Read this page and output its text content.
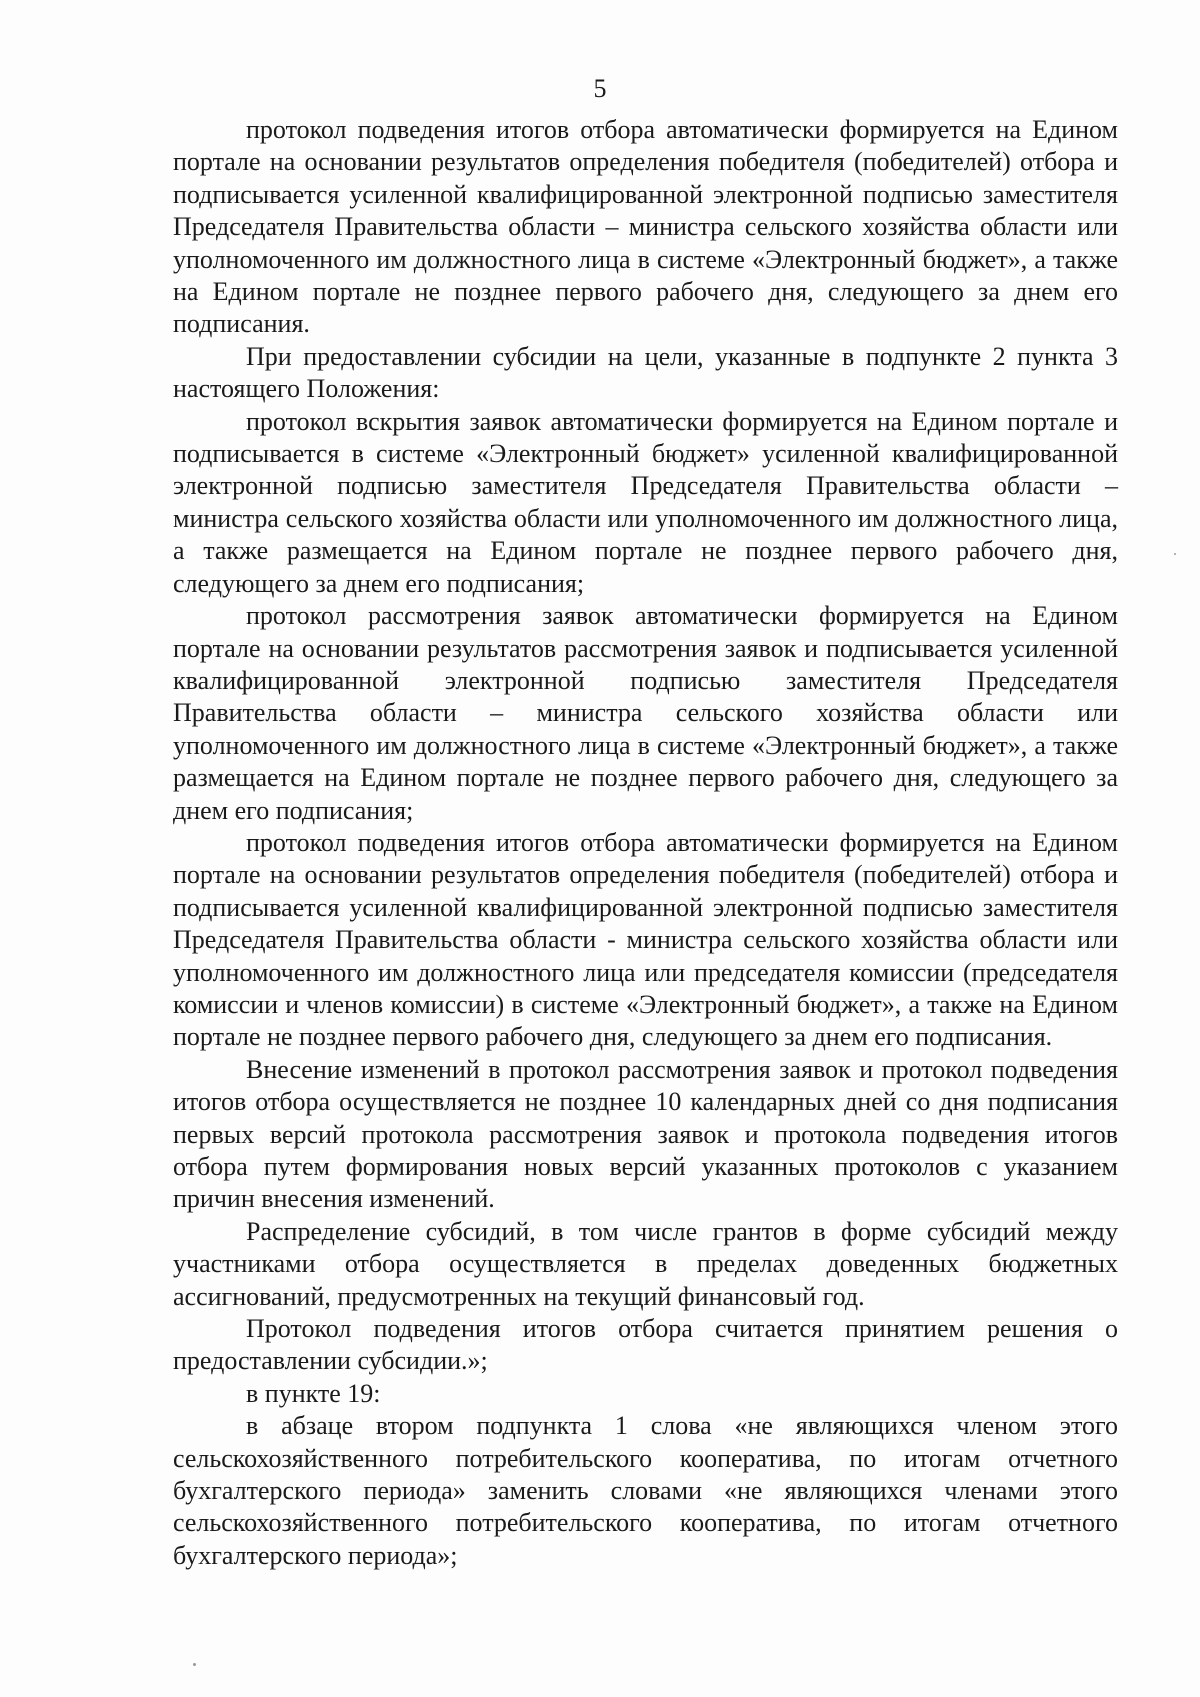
5

протокол подведения итогов отбора автоматически формируется на Едином портале на основании результатов определения победителя (победителей) отбора и подписывается усиленной квалифицированной электронной подписью заместителя Председателя Правительства области – министра сельского хозяйства области или уполномоченного им должностного лица в системе «Электронный бюджет», а также на Едином портале не позднее первого рабочего дня, следующего за днем его подписания.

При предоставлении субсидии на цели, указанные в подпункте 2 пункта 3 настоящего Положения:

протокол вскрытия заявок автоматически формируется на Едином портале и подписывается в системе «Электронный бюджет» усиленной квалифицированной электронной подписью заместителя Председателя Правительства области – министра сельского хозяйства области или уполномоченного им должностного лица, а также размещается на Едином портале не позднее первого рабочего дня, следующего за днем его подписания;

протокол рассмотрения заявок автоматически формируется на Едином портале на основании результатов рассмотрения заявок и подписывается усиленной квалифицированной электронной подписью заместителя Председателя Правительства области – министра сельского хозяйства области или уполномоченного им должностного лица в системе «Электронный бюджет», а также размещается на Едином портале не позднее первого рабочего дня, следующего за днем его подписания;

протокол подведения итогов отбора автоматически формируется на Едином портале на основании результатов определения победителя (победителей) отбора и подписывается усиленной квалифицированной электронной подписью заместителя Председателя Правительства области - министра сельского хозяйства области или уполномоченного им должностного лица или председателя комиссии (председателя комиссии и членов комиссии) в системе «Электронный бюджет», а также на Едином портале не позднее первого рабочего дня, следующего за днем его подписания.

Внесение изменений в протокол рассмотрения заявок и протокол подведения итогов отбора осуществляется не позднее 10 календарных дней со дня подписания первых версий протокола рассмотрения заявок и протокола подведения итогов отбора путем формирования новых версий указанных протоколов с указанием причин внесения изменений.

Распределение субсидий, в том числе грантов в форме субсидий между участниками отбора осуществляется в пределах доведенных бюджетных ассигнований, предусмотренных на текущий финансовый год.

Протокол подведения итогов отбора считается принятием решения о предоставлении субсидии.»;

в пункте 19:

в абзаце втором подпункта 1 слова «не являющихся членом этого сельскохозяйственного потребительского кооператива, по итогам отчетного бухгалтерского периода» заменить словами «не являющихся членами этого сельскохозяйственного потребительского кооператива, по итогам отчетного бухгалтерского периода»;
